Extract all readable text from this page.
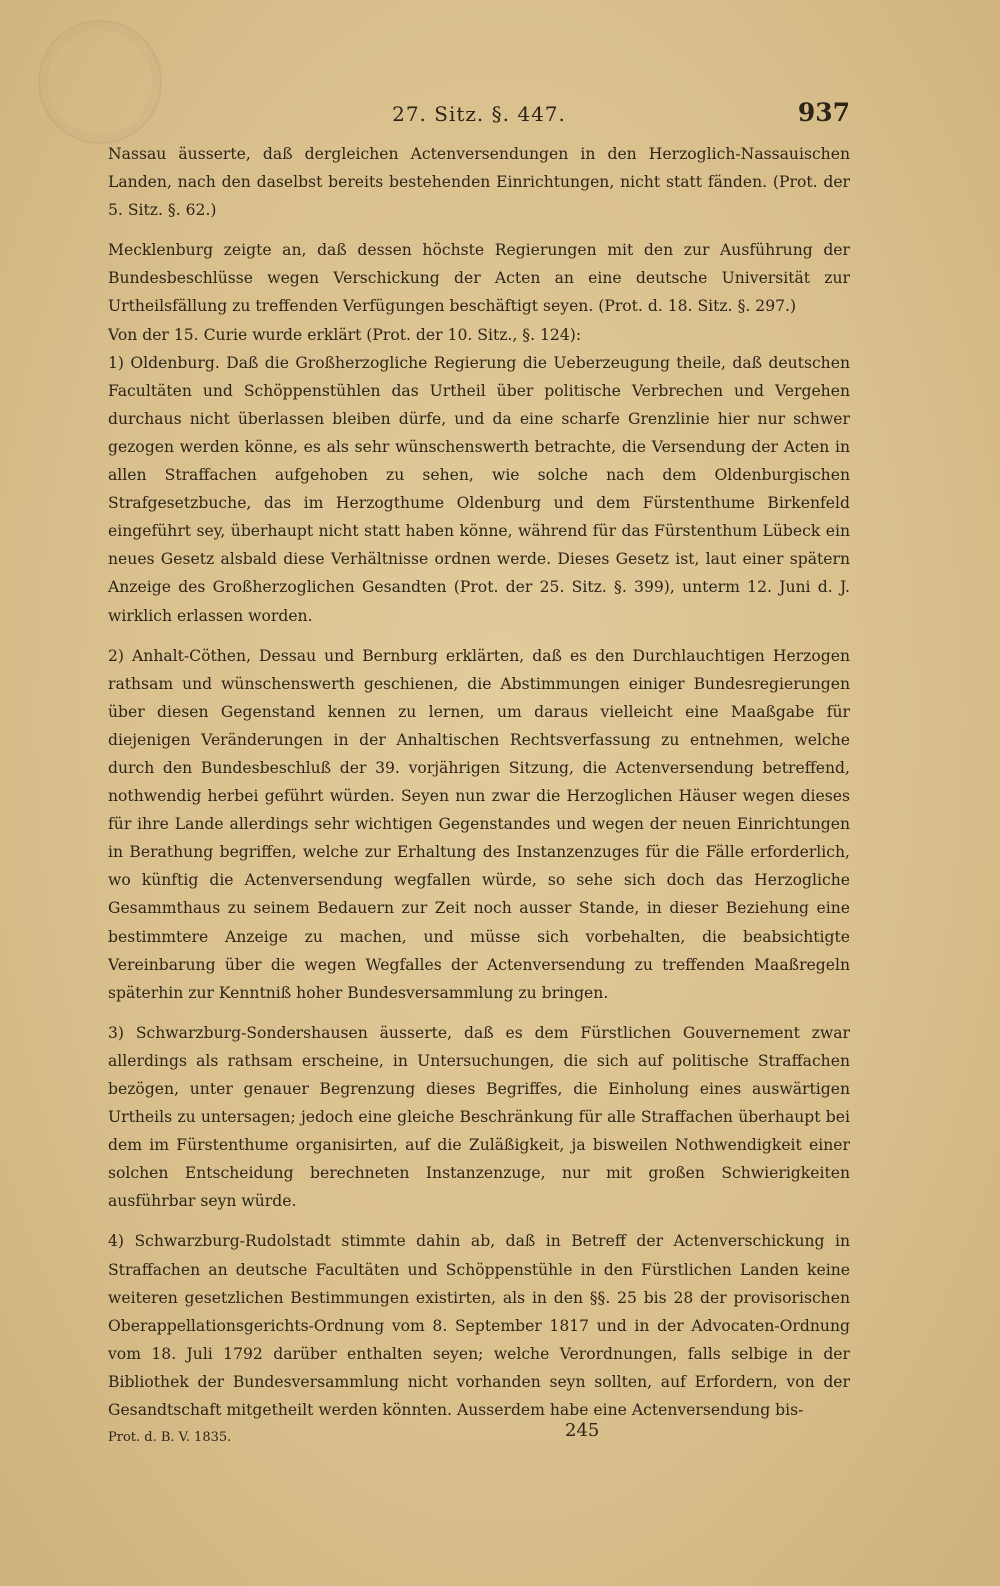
27. Sitz. §. 447.	937

Nassau äusserte, daß dergleichen Actenversendungen in den Herzoglich-Nassauischen Landen, nach den daselbst bereits bestehenden Einrichtungen, nicht statt fänden. (Prot. der 5. Sitz. §. 62.)

Mecklenburg zeigte an, daß dessen höchste Regierungen mit den zur Ausführung der Bundesbeschlüsse wegen Verschickung der Acten an eine deutsche Universität zur Urtheilsfällung zu treffenden Verfügungen beschäftigt seyen. (Prot. d. 18. Sitz. §. 297.)

Von der 15. Curie wurde erklärt (Prot. der 10. Sitz., §. 124):

1) Oldenburg. Daß die Großherzogliche Regierung die Ueberzeugung theile, daß deutschen Facultäten und Schöppenstühlen das Urtheil über politische Verbrechen und Vergehen durchaus nicht überlassen bleiben dürfe, und da eine scharfe Grenzlinie hier nur schwer gezogen werden könne, es als sehr wünschenswerth betrachte, die Versendung der Acten in allen Straffachen aufgehoben zu sehen, wie solche nach dem Oldenburgischen Strafgesetzbuche, das im Herzogthume Oldenburg und dem Fürstenthume Birkenfeld eingeführt sey, überhaupt nicht statt haben könne, während für das Fürstenthum Lübeck ein neues Gesetz alsbald diese Verhältnisse ordnen werde. Dieses Gesetz ist, laut einer spätern Anzeige des Großherzoglichen Gesandten (Prot. der 25. Sitz. §. 399), unterm 12. Juni d. J. wirklich erlassen worden.

2) Anhalt-Cöthen, Dessau und Bernburg erklärten, daß es den Durchlauchtigen Herzogen rathsam und wünschenswerth geschienen, die Abstimmungen einiger Bundesregierungen über diesen Gegenstand kennen zu lernen, um daraus vielleicht eine Maaßgabe für diejenigen Veränderungen in der Anhaltischen Rechtsverfassung zu entnehmen, welche durch den Bundesbeschluß der 39. vorjährigen Sitzung, die Actenversendung betreffend, nothwendig herbei geführt würden. Seyen nun zwar die Herzoglichen Häuser wegen dieses für ihre Lande allerdings sehr wichtigen Gegenstandes und wegen der neuen Einrichtungen in Berathung begriffen, welche zur Erhaltung des Instanzenzuges für die Fälle erforderlich, wo künftig die Actenversendung wegfallen würde, so sehe sich doch das Herzogliche Gesammthaus zu seinem Bedauern zur Zeit noch ausser Stande, in dieser Beziehung eine bestimmtere Anzeige zu machen, und müsse sich vorbehalten, die beabsichtigte Vereinbarung über die wegen Wegfalles der Actenversendung zu treffenden Maaßregeln späterhin zur Kenntniß hoher Bundesversammlung zu bringen.

3) Schwarzburg-Sondershausen äusserte, daß es dem Fürstlichen Gouvernement zwar allerdings als rathsam erscheine, in Untersuchungen, die sich auf politische Straffachen bezögen, unter genauer Begrenzung dieses Begriffes, die Einholung eines auswärtigen Urtheils zu untersagen; jedoch eine gleiche Beschränkung für alle Straffachen überhaupt bei dem im Fürstenthume organisirten, auf die Zuläßigkeit, ja bisweilen Nothwendigkeit einer solchen Entscheidung berechneten Instanzenzuge, nur mit großen Schwierigkeiten ausführbar seyn würde.

4) Schwarzburg-Rudolstadt stimmte dahin ab, daß in Betreff der Actenverschickung in Straffachen an deutsche Facultäten und Schöppenstühle in den Fürstlichen Landen keine weiteren gesetzlichen Bestimmungen existirten, als in den §§. 25 bis 28 der provisorischen Oberappellationsgerichts-Ordnung vom 8. September 1817 und in der Advocaten-Ordnung vom 18. Juli 1792 darüber enthalten seyen; welche Verordnungen, falls selbige in der Bibliothek der Bundesversammlung nicht vorhanden seyn sollten, auf Erfordern, von der Gesandtschaft mitgetheilt werden könnten. Ausserdem habe eine Actenversendung bis-

Prot. d. B. V. 1835.	245
